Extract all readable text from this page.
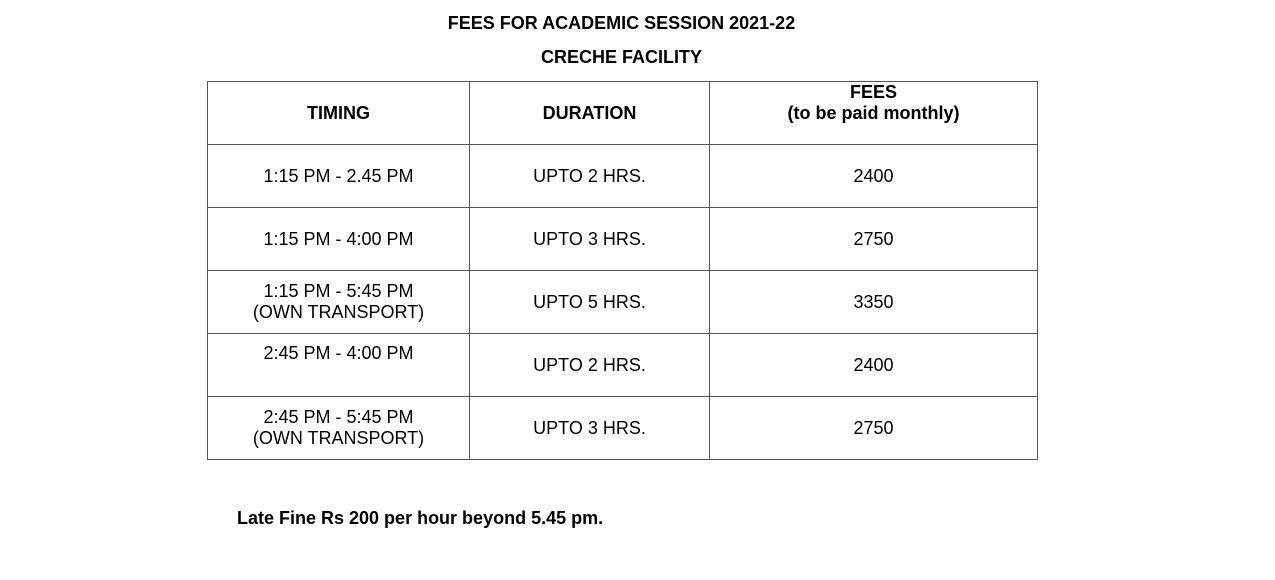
FEES FOR ACADEMIC SESSION 2021-22
CRECHE FACILITY
TIMING	DURATION	FEES
(to be paid monthly)

1:15 PM - 2.45 PM	UPTO 2 HRS.	2400

1:15 PM - 4:00 PM	UPTO 3 HRS.	2750

1:15 PM - 5:45 PM
(OWN TRANSPORT)	UPTO 5 HRS.	3350

2:45 PM - 4:00 PM	UPTO 2 HRS.	2400

2:45 PM - 5:45 PM
(OWN TRANSPORT)	UPTO 3 HRS.	2750
Late Fine Rs 200 per hour beyond 5.45 pm.
